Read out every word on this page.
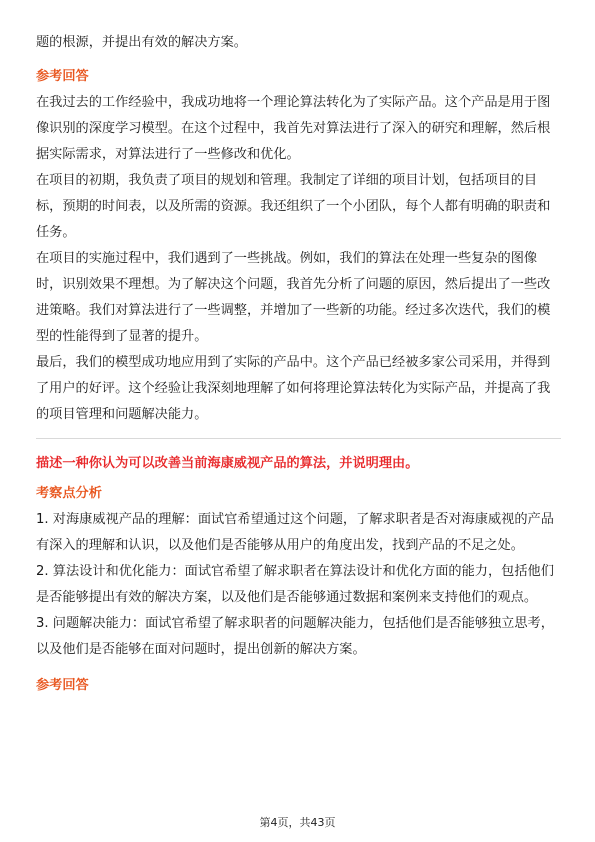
题的根源，并提出有效的解决方案。

参考回答

在我过去的工作经验中，我成功地将一个理论算法转化为了实际产品。这个产品是用于图像识别的深度学习模型。在这个过程中，我首先对算法进行了深入的研究和理解，然后根据实际需求，对算法进行了一些修改和优化。

在项目的初期，我负责了项目的规划和管理。我制定了详细的项目计划，包括项目的目标，预期的时间表，以及所需的资源。我还组织了一个小团队，每个人都有明确的职责和任务。

在项目的实施过程中，我们遇到了一些挑战。例如，我们的算法在处理一些复杂的图像时，识别效果不理想。为了解决这个问题，我首先分析了问题的原因，然后提出了一些改进策略。我们对算法进行了一些调整，并增加了一些新的功能。经过多次迭代，我们的模型的性能得到了显著的提升。

最后，我们的模型成功地应用到了实际的产品中。这个产品已经被多家公司采用，并得到了用户的好评。这个经验让我深刻地理解了如何将理论算法转化为实际产品，并提高了我的项目管理和问题解决能力。

描述一种你认为可以改善当前海康威视产品的算法，并说明理由。

考察点分析

1. 对海康威视产品的理解：面试官希望通过这个问题，了解求职者是否对海康威视的产品有深入的理解和认识，以及他们是否能够从用户的角度出发，找到产品的不足之处。

2. 算法设计和优化能力：面试官希望了解求职者在算法设计和优化方面的能力，包括他们是否能够提出有效的解决方案，以及他们是否能够通过数据和案例来支持他们的观点。

3. 问题解决能力：面试官希望了解求职者的问题解决能力，包括他们是否能够独立思考，以及他们是否能够在面对问题时，提出创新的解决方案。

参考回答

第4页，共43页
